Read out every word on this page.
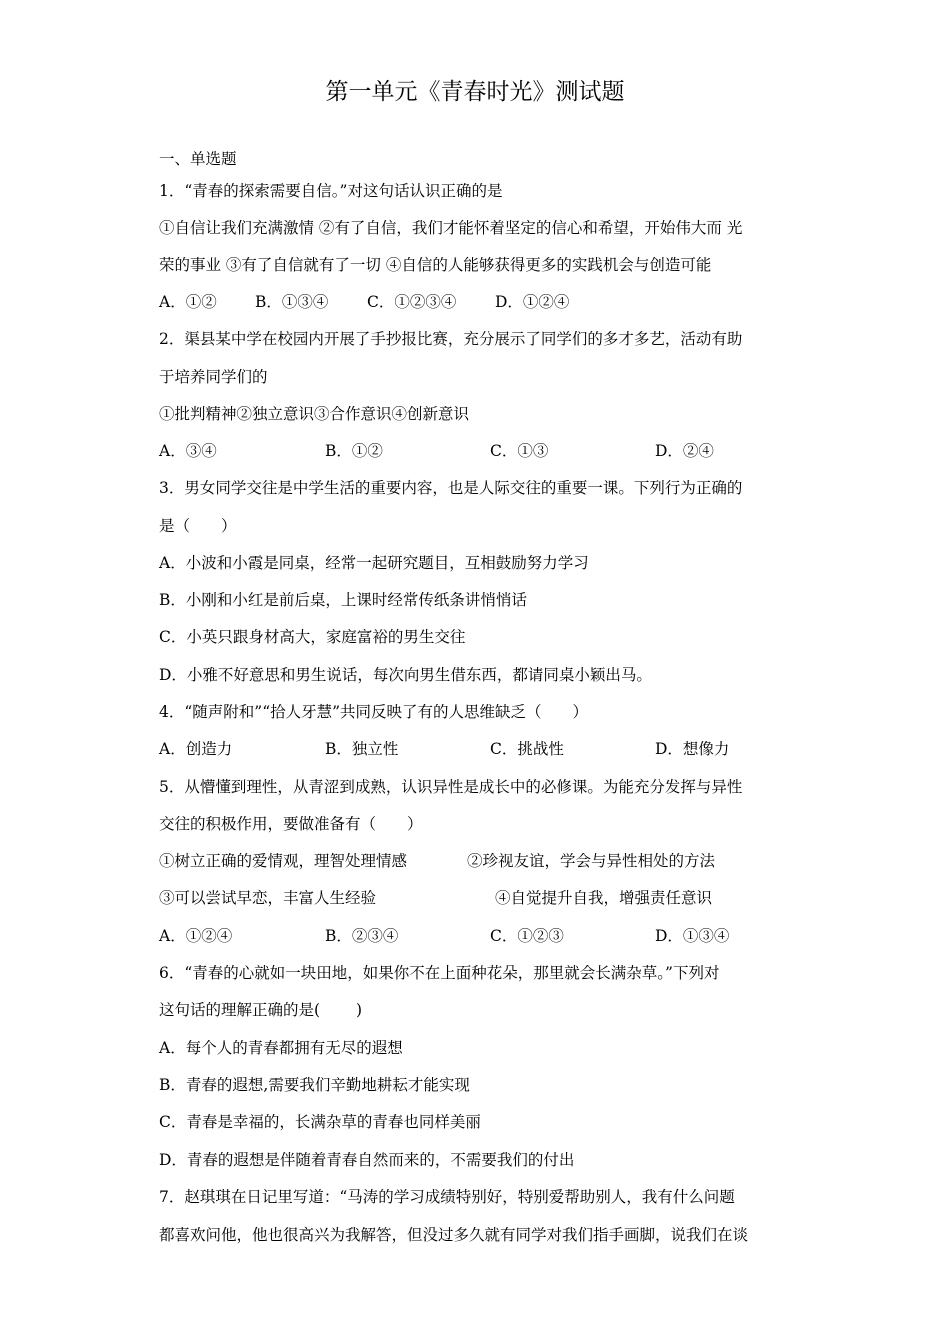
第一单元《青春时光》测试题
一、单选题
1．“青春的探索需要自信。”对这句话认识正确的是
①自信让我们充满激情 ②有了自信，我们才能怀着坚定的信心和希望，开始伟大而 光
荣的事业 ③有了自信就有了一切 ④自信的人能够获得更多的实践机会与创造可能
A．①② B．①③④ C．①②③④ D．①②④
2．渠县某中学在校园内开展了手抄报比赛，充分展示了同学们的多才多艺，活动有助
于培养同学们的
①批判精神②独立意识③合作意识④创新意识
A．③④	B．①②	C．①③	D．②④
3．男女同学交往是中学生活的重要内容，也是人际交往的重要一课。下列行为正确的
是（　　）
A．小波和小霞是同桌，经常一起研究题目，互相鼓励努力学习
B．小刚和小红是前后桌，上课时经常传纸条讲悄悄话
C．小英只跟身材高大，家庭富裕的男生交往
D．小雅不好意思和男生说话，每次向男生借东西，都请同桌小颖出马。
4．“随声附和”“拾人牙慧”共同反映了有的人思维缺乏（　　）
A．创造力	B．独立性	C．挑战性	D．想像力
5．从懵懂到理性，从青涩到成熟，认识异性是成长中的必修课。为能充分发挥与异性
交往的积极作用，要做准备有（　　）
①树立正确的爱情观，理智处理情感	②珍视友谊，学会与异性相处的方法
③可以尝试早恋，丰富人生经验	④自觉提升自我，增强责任意识
A．①②④	B．②③④	C．①②③	D．①③④
6．“青春的心就如一块田地，如果你不在上面种花朵，那里就会长满杂草。”下列对
这句话的理解正确的是(　　 )
A．每个人的青春都拥有无尽的遐想
B．青春的遐想,需要我们辛勤地耕耘才能实现
C．青春是幸福的，长满杂草的青春也同样美丽
D．青春的遐想是伴随着青春自然而来的，不需要我们的付出
7．赵琪琪在日记里写道：“马涛的学习成绩特别好，特别爱帮助别人，我有什么问题
都喜欢问他，他也很高兴为我解答，但没过多久就有同学对我们指手画脚，说我们在谈
